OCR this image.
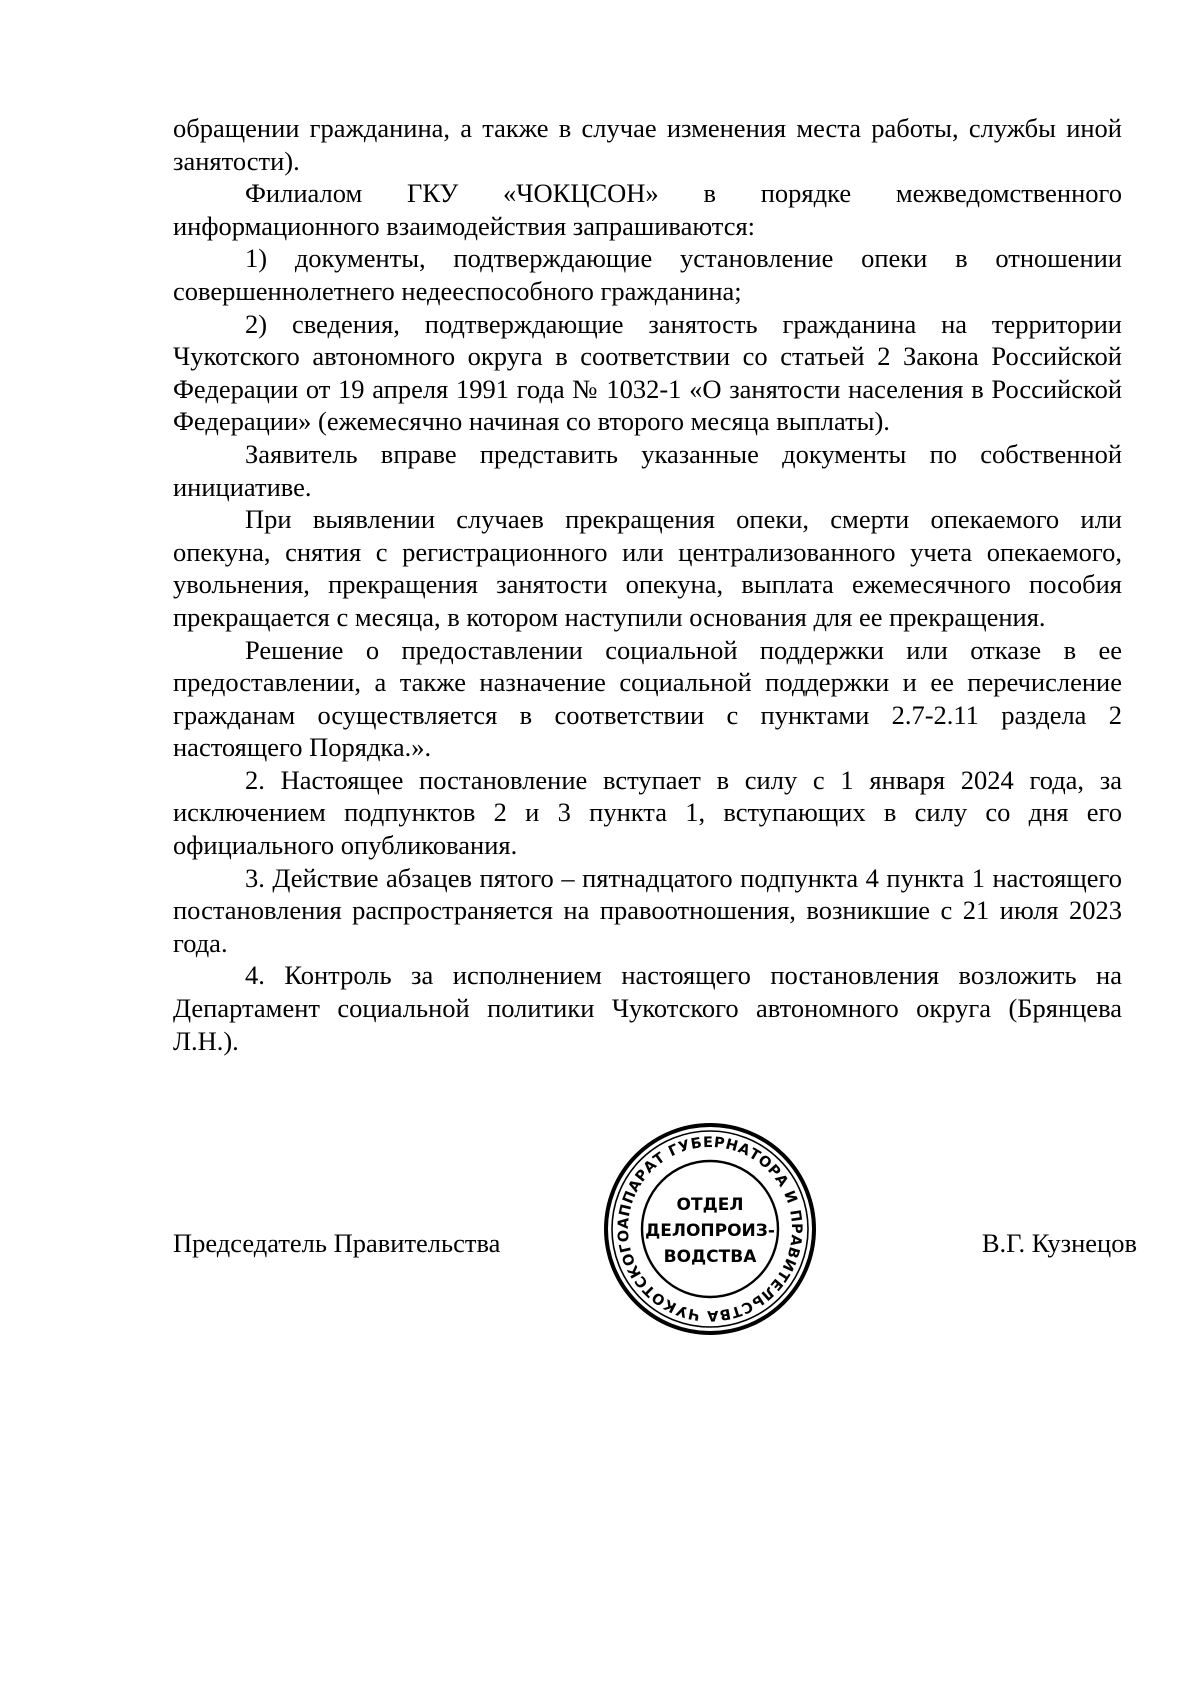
обращении гражданина, а также в случае изменения места работы, службы иной занятости).

Филиалом ГКУ «ЧОКЦСОН» в порядке межведомственного информационного взаимодействия запрашиваются:

1) документы, подтверждающие установление опеки в отношении совершеннолетнего недееспособного гражданина;

2) сведения, подтверждающие занятость гражданина на территории Чукотского автономного округа в соответствии со статьей 2 Закона Российской Федерации от 19 апреля 1991 года № 1032-1 «О занятости населения в Российской Федерации» (ежемесячно начиная со второго месяца выплаты).

Заявитель вправе представить указанные документы по собственной инициативе.

При выявлении случаев прекращения опеки, смерти опекаемого или опекуна, снятия с регистрационного или централизованного учета опекаемого, увольнения, прекращения занятости опекуна, выплата ежемесячного пособия прекращается с месяца, в котором наступили основания для ее прекращения.

Решение о предоставлении социальной поддержки или отказе в ее предоставлении, а также назначение социальной поддержки и ее перечисление гражданам осуществляется в соответствии с пунктами 2.7-2.11 раздела 2 настоящего Порядка.».

2. Настоящее постановление вступает в силу с 1 января 2024 года, за исключением подпунктов 2 и 3 пункта 1, вступающих в силу со дня его официального опубликования.

3. Действие абзацев пятого – пятнадцатого подпункта 4 пункта 1 настоящего постановления распространяется на правоотношения, возникшие с 21 июля 2023 года.

4. Контроль за исполнением настоящего постановления возложить на Департамент социальной политики Чукотского автономного округа (Брянцева Л.Н.).

Председатель Правительства	В.Г. Кузнецов
АППАРАТ ГУБЕРНАТОРА И ПРАВИТЕЛЬСТВА ЧУКОТСКОГО
ОТДЕЛ
ДЕЛОПРОИЗ-
ВОДСТВА
